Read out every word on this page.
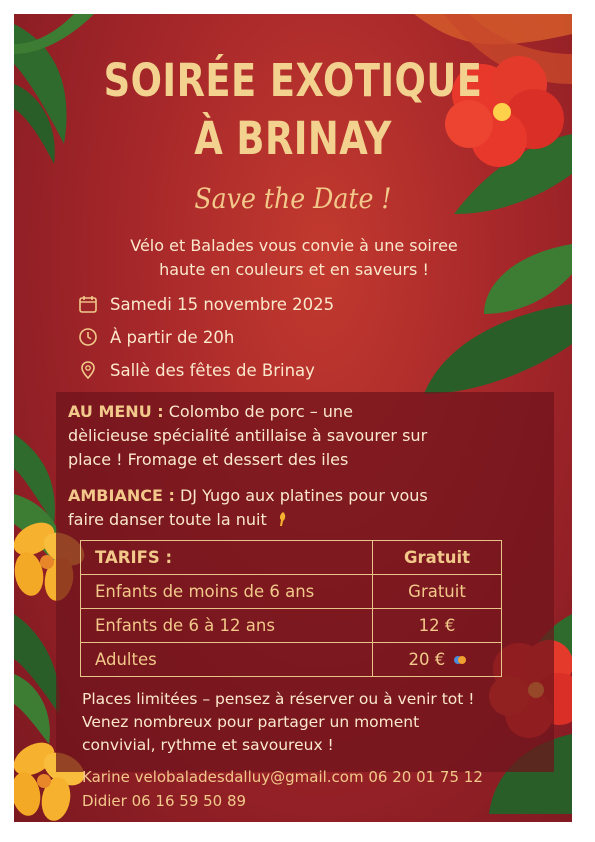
SOIRÉE EXOTIQUE
À BRINAY
Save the Date !
Vélo et Balades vous convie à une soiree
haute en couleurs et en saveurs !
Samedi 15 novembre 2025
À partir de 20h
Sallè des fêtes de Brinay
AU MENU : Colombo de porc – une
dèlicieuse spécialité antillaise à savourer sur
place ! Fromage et dessert des iles
AMBIANCE : DJ Yugo aux platines pour vous
faire danser toute la nuit
TARIFS :	Gratuit
Enfants de moins de 6 ans	Gratuit
Enfants de 6 à 12 ans	12 €
Adultes	20 €
Places limitées – pensez à réserver ou à venir tot !
Venez nombreux pour partager un moment
convivial, rythme et savoureux !
Karine velobaladesdalluy@gmail.com 06 20 01 75 12
Didier 06 16 59 50 89
